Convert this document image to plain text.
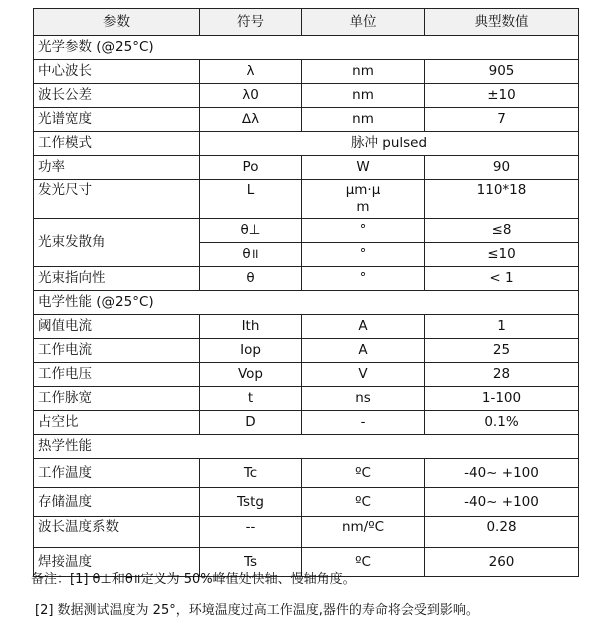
参数	符号	单位	典型数值
光学参数 (@25°C)			
中心波长	λ	nm	905
波长公差	λ0	nm	±10
光谱宽度	ᐃλ	nm	7
工作模式	脉冲 pulsed		
功率	Po	W	90
发光尺寸	L	μm·μm	110*18
光束发散角	θ⊥	°	≤8
	θ॥	°	≤10
光束指向性	θ	°	< 1
电学性能 (@25°C)			
阈值电流	Ith	A	1
工作电流	Iop	A	25
工作电压	Vop	V	28
工作脉宽	t	ns	1-100
占空比	D	-	0.1%
热学性能			
工作温度	Tc	ºC	-40~ +100
存储温度	Tstg	ºC	-40~ +100
波长温度系数	--	nm/ºC	0.28
焊接温度	Ts	ºC	260
备注：[1] θ⊥和θ॥定义为 50%峰值处快轴、慢轴角度。
[2] 数据测试温度为 25°，环境温度过高工作温度,器件的寿命将会受到影响。
